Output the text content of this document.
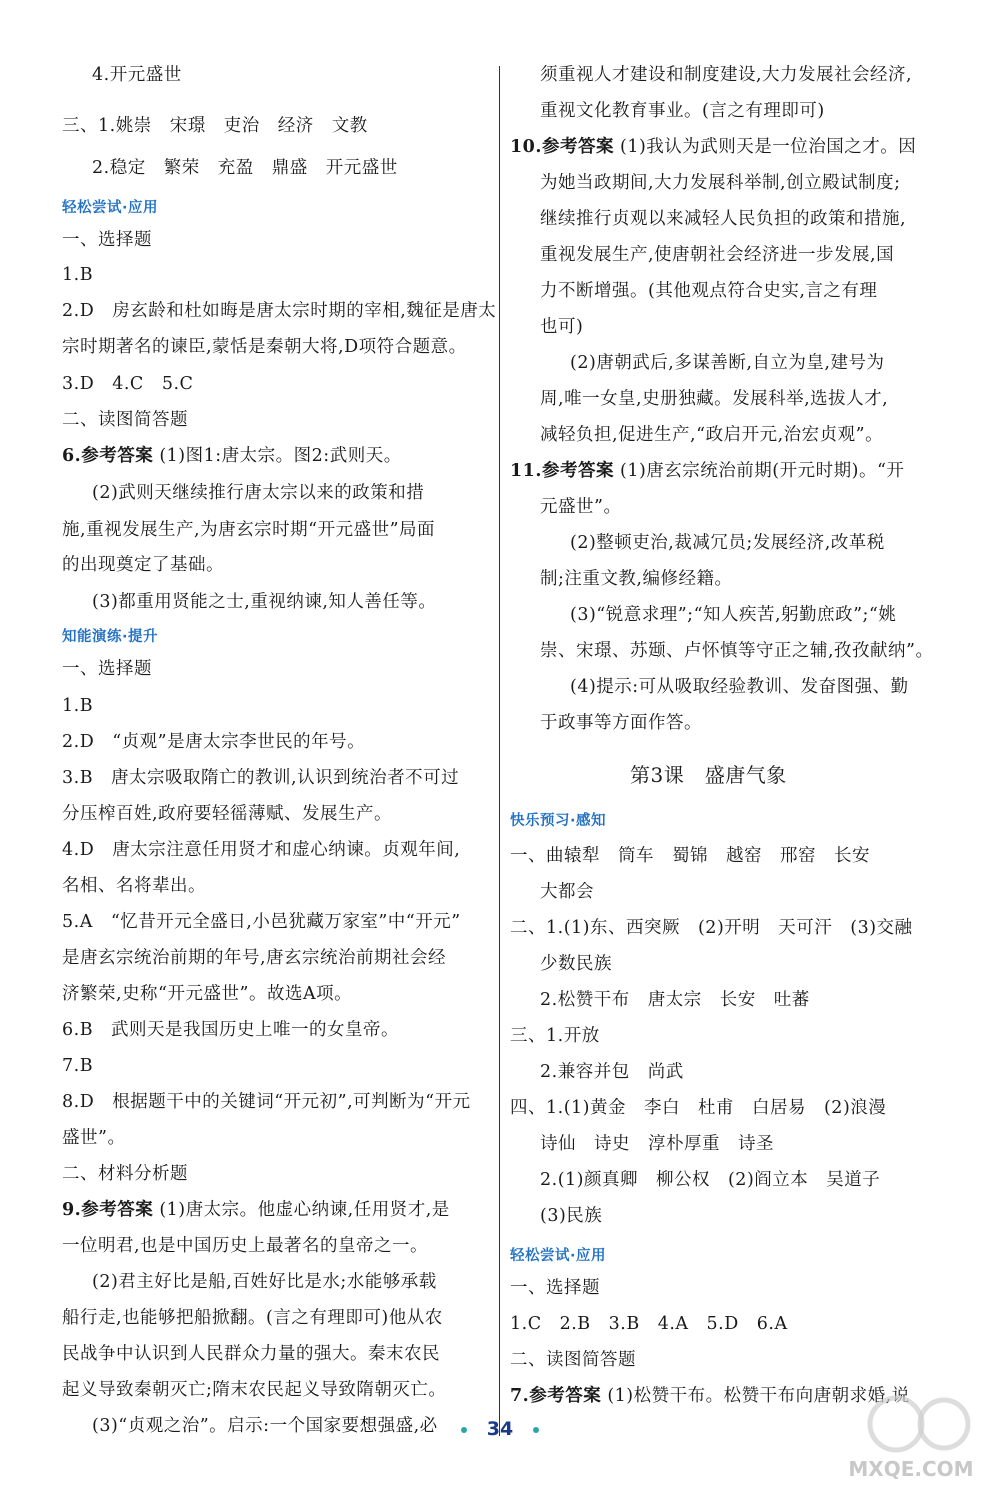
4.开元盛世
三、1.姚崇　宋璟　吏治　经济　文教
2.稳定　繁荣　充盈　鼎盛　开元盛世
轻松尝试·应用
一、选择题
1.B
2.D　房玄龄和杜如晦是唐太宗时期的宰相,魏征是唐太
宗时期著名的谏臣,蒙恬是秦朝大将,D项符合题意。
3.D　4.C　5.C
二、读图简答题
6.参考答案 (1)图1:唐太宗。图2:武则天。
(2)武则天继续推行唐太宗以来的政策和措
施,重视发展生产,为唐玄宗时期“开元盛世”局面
的出现奠定了基础。
(3)都重用贤能之士,重视纳谏,知人善任等。
知能演练·提升
一、选择题
1.B
2.D　“贞观”是唐太宗李世民的年号。
3.B　唐太宗吸取隋亡的教训,认识到统治者不可过
分压榨百姓,政府要轻徭薄赋、发展生产。
4.D　唐太宗注意任用贤才和虚心纳谏。贞观年间,
名相、名将辈出。
5.A　“忆昔开元全盛日,小邑犹藏万家室”中“开元”
是唐玄宗统治前期的年号,唐玄宗统治前期社会经
济繁荣,史称“开元盛世”。故选A项。
6.B　武则天是我国历史上唯一的女皇帝。
7.B
8.D　根据题干中的关键词“开元初”,可判断为“开元
盛世”。
二、材料分析题
9.参考答案 (1)唐太宗。他虚心纳谏,任用贤才,是
一位明君,也是中国历史上最著名的皇帝之一。
(2)君主好比是船,百姓好比是水;水能够承载
船行走,也能够把船掀翻。(言之有理即可)他从农
民战争中认识到人民群众力量的强大。秦末农民
起义导致秦朝灭亡;隋末农民起义导致隋朝灭亡。
(3)“贞观之治”。启示:一个国家要想强盛,必
须重视人才建设和制度建设,大力发展社会经济,
重视文化教育事业。(言之有理即可)
10.参考答案 (1)我认为武则天是一位治国之才。因
为她当政期间,大力发展科举制,创立殿试制度;
继续推行贞观以来减轻人民负担的政策和措施,
重视发展生产,使唐朝社会经济进一步发展,国
力不断增强。(其他观点符合史实,言之有理
也可)
(2)唐朝武后,多谋善断,自立为皇,建号为
周,唯一女皇,史册独藏。发展科举,选拔人才,
减轻负担,促进生产,“政启开元,治宏贞观”。
11.参考答案 (1)唐玄宗统治前期(开元时期)。“开
元盛世”。
(2)整顿吏治,裁减冗员;发展经济,改革税
制;注重文教,编修经籍。
(3)“锐意求理”;“知人疾苦,躬勤庶政”;“姚
崇、宋璟、苏颋、卢怀慎等守正之辅,孜孜献纳”。
(4)提示:可从吸取经验教训、发奋图强、勤
于政事等方面作答。
第3课　盛唐气象
快乐预习·感知
一、曲辕犁　筒车　蜀锦　越窑　邢窑　长安
大都会
二、1.(1)东、西突厥　(2)开明　天可汗　(3)交融
少数民族
2.松赞干布　唐太宗　长安　吐蕃
三、1.开放
2.兼容并包　尚武
四、1.(1)黄金　李白　杜甫　白居易　(2)浪漫
诗仙　诗史　淳朴厚重　诗圣
2.(1)颜真卿　柳公权　(2)阎立本　吴道子
(3)民族
轻松尝试·应用
一、选择题
1.C　2.B　3.B　4.A　5.D　6.A
二、读图简答题
7.参考答案 (1)松赞干布。松赞干布向唐朝求婚,说
34
MXQE.COM
